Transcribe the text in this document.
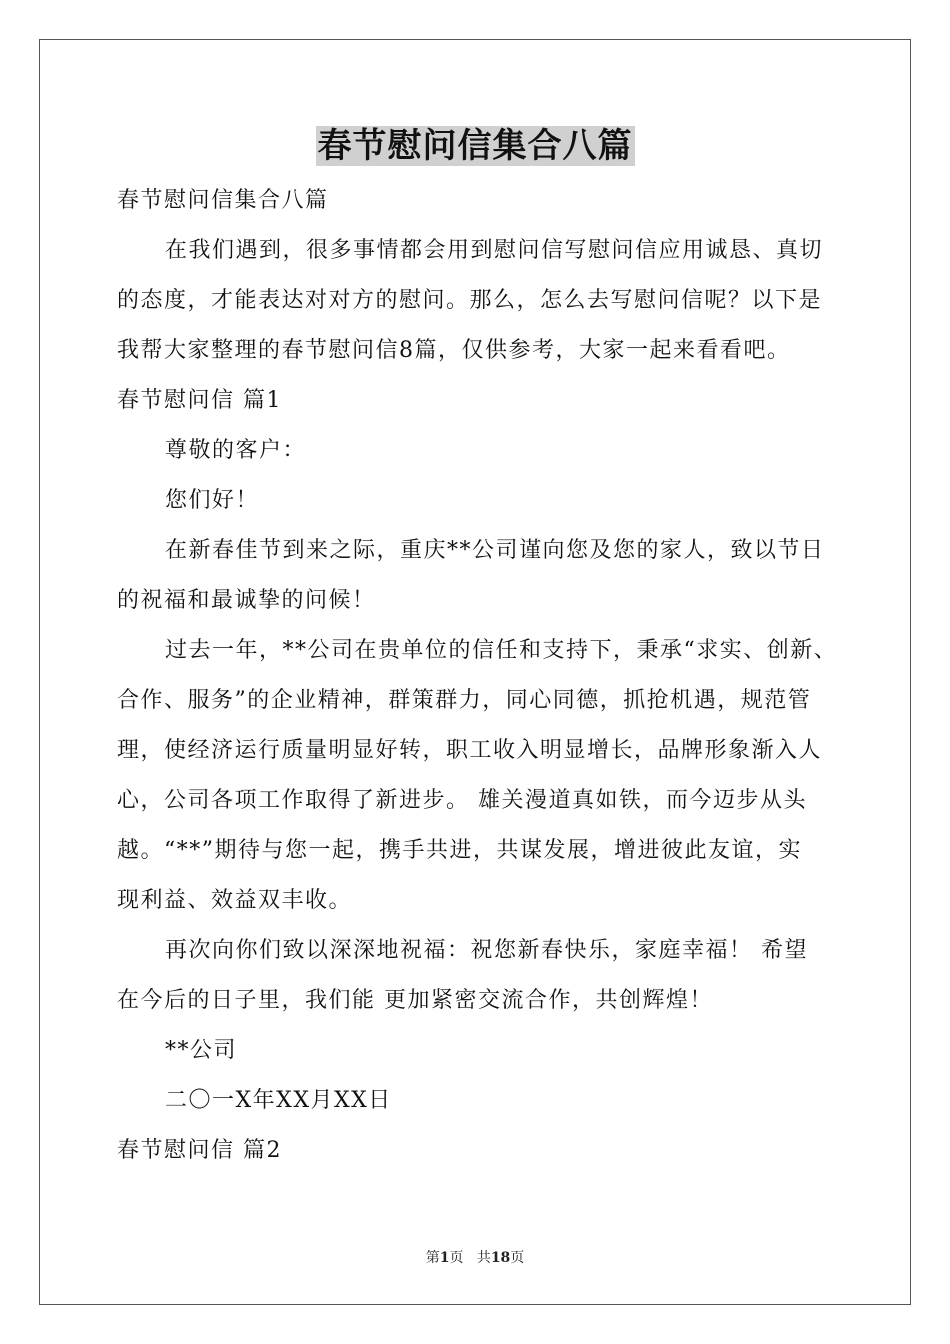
春节慰问信集合八篇
春节慰问信集合八篇
在我们遇到，很多事情都会用到慰问信写慰问信应用诚恳、真切
的态度，才能表达对对方的慰问。那么，怎么去写慰问信呢？以下是
我帮大家整理的春节慰问信8篇，仅供参考，大家一起来看看吧。
春节慰问信 篇1
尊敬的客户：
您们好！
在新春佳节到来之际，重庆**公司谨向您及您的家人，致以节日
的祝福和最诚挚的问候！
过去一年，**公司在贵单位的信任和支持下，秉承“求实、创新、
合作、服务”的企业精神，群策群力，同心同德，抓抢机遇，规范管
理，使经济运行质量明显好转，职工收入明显增长，品牌形象渐入人
心，公司各项工作取得了新进步。 雄关漫道真如铁，而今迈步从头
越。“**”期待与您一起，携手共进，共谋发展，增进彼此友谊，实
现利益、效益双丰收。
再次向你们致以深深地祝福：祝您新春快乐，家庭幸福！ 希望
在今后的日子里，我们能 更加紧密交流合作，共创辉煌！
**公司
二〇一X年XX月XX日
春节慰问信 篇2
第1页 共18页
